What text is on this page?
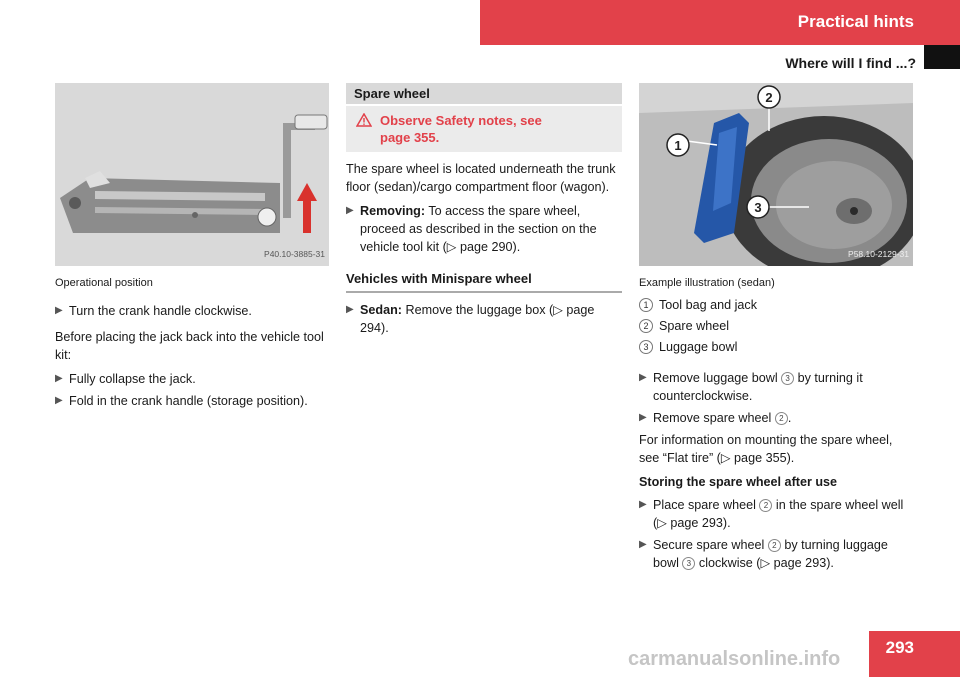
Practical hints
Where will I find ...?
293
P40.10-3885-31
Operational position
▶ Turn the crank handle clockwise.

Before placing the jack back into the vehicle tool kit:

▶ Fully collapse the jack.
▶ Fold in the crank handle (storage position).
Spare wheel
Observe Safety notes, see
page 355.

The spare wheel is located underneath the trunk floor (sedan)/cargo compartment floor (wagon).

▶ Removing: To access the spare wheel, proceed as described in the section on the vehicle tool kit (▷ page 290).
Vehicles with Minispare wheel
▶ Sedan: Remove the luggage box (▷ page 294).
1
2
3
P58.10-2129-31
Example illustration (sedan)
1 Tool bag and jack
2 Spare wheel
3 Luggage bowl
▶ Remove luggage bowl 3 by turning it counterclockwise.
▶ Remove spare wheel 2 .

For information on mounting the spare wheel, see “Flat tire” (▷ page 355).

Storing the spare wheel after use
▶ Place spare wheel 2 in the spare wheel well (▷ page 293).
▶ Secure spare wheel 2 by turning luggage bowl 3 clockwise (▷ page 293).
carmanualsonline.info
